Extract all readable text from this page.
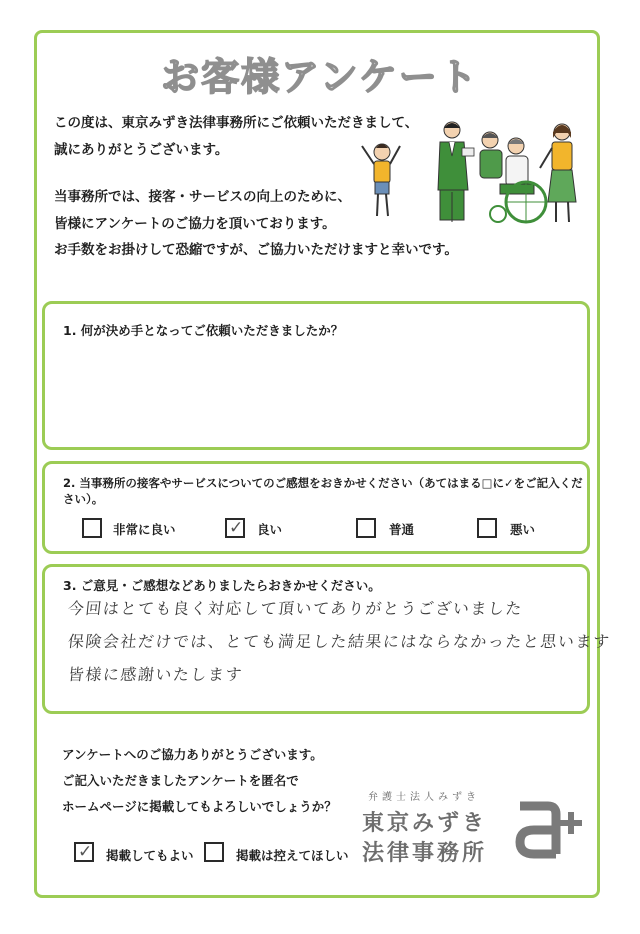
お客様アンケート
この度は、東京みずき法律事務所にご依頼いただきまして、
誠にありがとうございます。
当事務所では、接客・サービスの向上のために、
皆様にアンケートのご協力を頂いております。
お手数をお掛けして恐縮ですが、ご協力いただけますと幸いです。
1. 何が決め手となってご依頼いただきましたか？
2. 当事務所の接客やサービスについてのご感想をおきかせください（あてはまる□に✓をご記入ください）。
非常に良い	✓ 良い	普通	悪い
3. ご意見・ご感想などありましたらおきかせください。
今回はとても良く対応して頂いてありがとうございました
保険会社だけでは、とても満足した結果にはならなかったと思います
皆様に感謝いたします
アンケートへのご協力ありがとうございます。
ご記入いただきましたアンケートを匿名で
ホームページに掲載してもよろしいでしょうか？
✓ 掲載してもよい	掲載は控えてほしい
弁護士法人みずき
東京みずき
法律事務所
